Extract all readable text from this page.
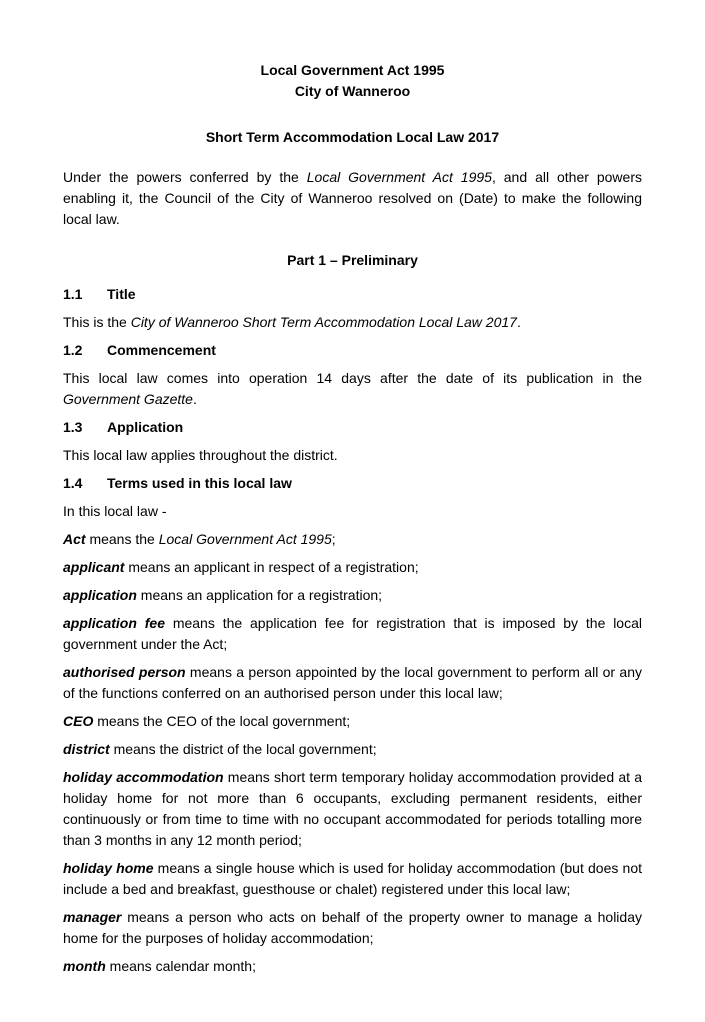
Local Government Act 1995
City of Wanneroo
Short Term Accommodation Local Law 2017

Under the powers conferred by the Local Government Act 1995, and all other powers enabling it, the Council of the City of Wanneroo resolved on (Date) to make the following local law.

Part 1 – Preliminary
1.1	Title

This is the City of Wanneroo Short Term Accommodation Local Law 2017.

1.2	Commencement

This local law comes into operation 14 days after the date of its publication in the Government Gazette.

1.3	Application

This local law applies throughout the district.

1.4	Terms used in this local law

In this local law -

Act means the Local Government Act 1995;

applicant means an applicant in respect of a registration;

application means an application for a registration;

application fee means the application fee for registration that is imposed by the local government under the Act;

authorised person means a person appointed by the local government to perform all or any of the functions conferred on an authorised person under this local law;

CEO means the CEO of the local government;

district means the district of the local government;

holiday accommodation means short term temporary holiday accommodation provided at a holiday home for not more than 6 occupants, excluding permanent residents, either continuously or from time to time with no occupant accommodated for periods totalling more than 3 months in any 12 month period;

holiday home means a single house which is used for holiday accommodation (but does not include a bed and breakfast, guesthouse or chalet) registered under this local law;

manager means a person who acts on behalf of the property owner to manage a holiday home for the purposes of holiday accommodation;

month means calendar month;
